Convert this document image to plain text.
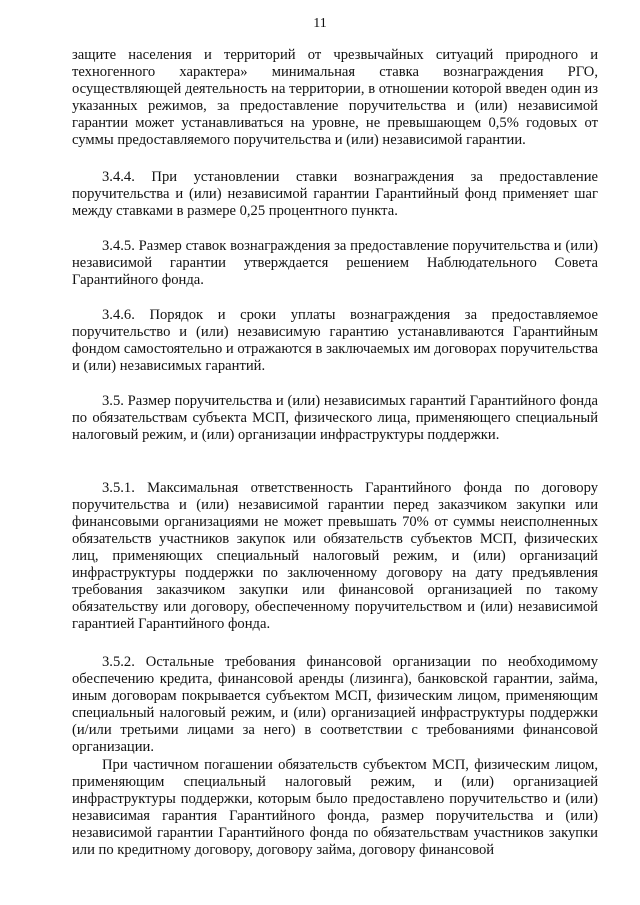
11

защите населения и территорий от чрезвычайных ситуаций природного и техногенного характера» минимальная ставка вознаграждения РГО, осуществляющей деятельность на территории, в отношении которой введен один из указанных режимов, за предоставление поручительства и (или) независимой гарантии может устанавливаться на уровне, не превышающем 0,5% годовых от суммы предоставляемого поручительства и (или) независимой гарантии.

3.4.4. При установлении ставки вознаграждения за предоставление поручительства и (или) независимой гарантии Гарантийный фонд применяет шаг между ставками в размере 0,25 процентного пункта.

3.4.5. Размер ставок вознаграждения за предоставление поручительства и (или) независимой гарантии утверждается решением Наблюдательного Совета Гарантийного фонда.

3.4.6. Порядок и сроки уплаты вознаграждения за предоставляемое поручительство и (или) независимую гарантию устанавливаются Гарантийным фондом самостоятельно и отражаются в заключаемых им договорах поручительства и (или) независимых гарантий.

3.5. Размер поручительства и (или) независимых гарантий Гарантийного фонда по обязательствам субъекта МСП, физического лица, применяющего специальный налоговый режим, и (или) организации инфраструктуры поддержки.

3.5.1. Максимальная ответственность Гарантийного фонда по договору поручительства и (или) независимой гарантии перед заказчиком закупки или финансовыми организациями не может превышать 70% от суммы неисполненных обязательств участников закупок или обязательств субъектов МСП, физических лиц, применяющих специальный налоговый режим, и (или) организаций инфраструктуры поддержки по заключенному договору на дату предъявления требования заказчиком закупки или финансовой организацией по такому обязательству или договору, обеспеченному поручительством и (или) независимой гарантией Гарантийного фонда.

3.5.2. Остальные требования финансовой организации по необходимому обеспечению кредита, финансовой аренды (лизинга), банковской гарантии, займа, иным договорам покрывается субъектом МСП, физическим лицом, применяющим специальный налоговый режим, и (или) организацией инфраструктуры поддержки (и/или третьими лицами за него) в соответствии с требованиями финансовой организации.

При частичном погашении обязательств субъектом МСП, физическим лицом, применяющим специальный налоговый режим, и (или) организацией инфраструктуры поддержки, которым было предоставлено поручительство и (или) независимая гарантия Гарантийного фонда, размер поручительства и (или) независимой гарантии Гарантийного фонда по обязательствам участников закупки или по кредитному договору, договору займа, договору финансовой
